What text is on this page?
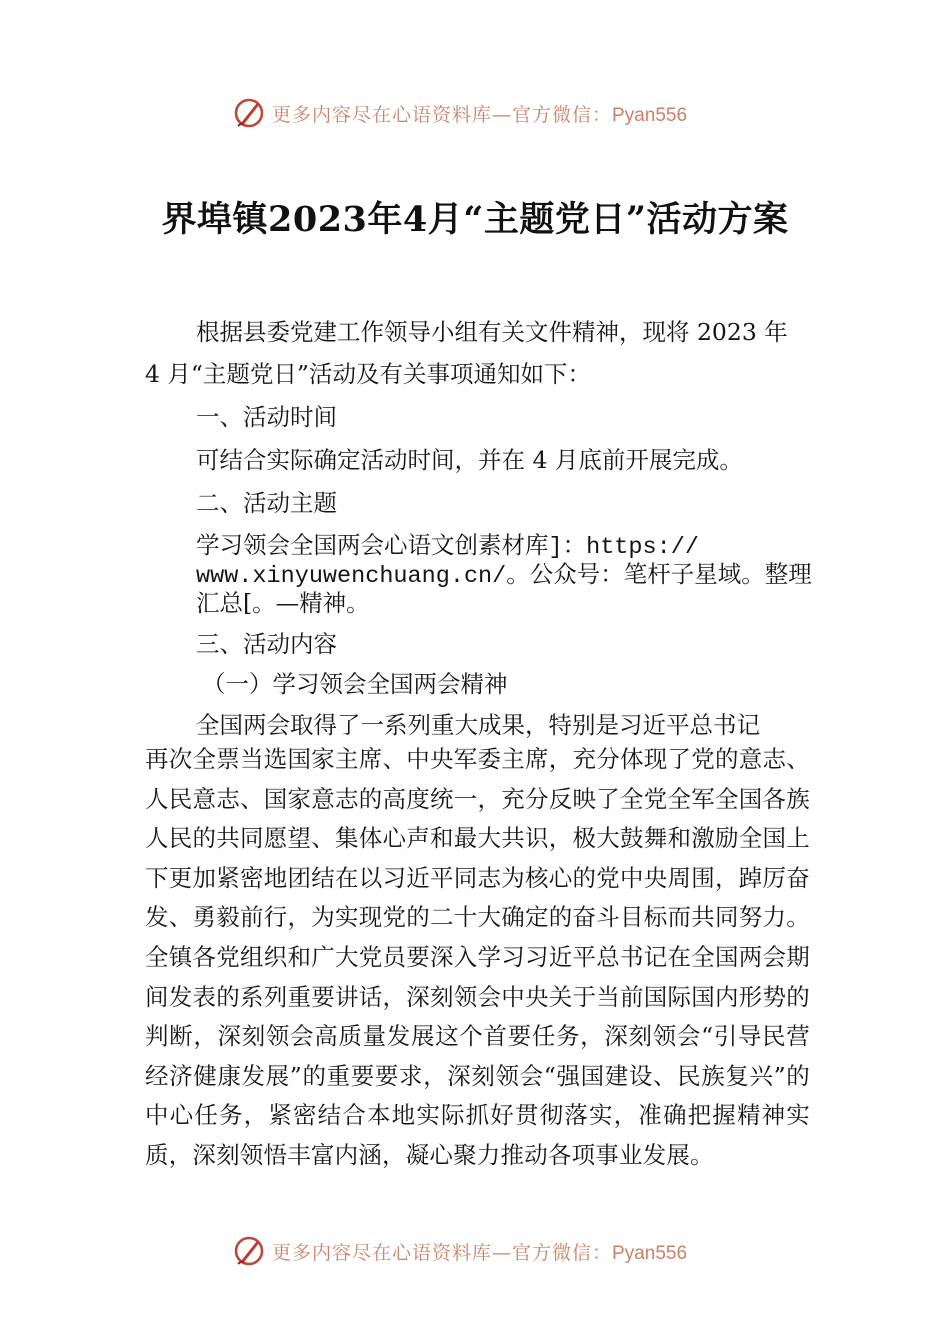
更多内容尽在心语资料库—官方微信：Pyan556
界埠镇2023年4月“主题党日”活动方案
根据县委党建工作领导小组有关文件精神，现将 2023 年
4 月“主题党日”活动及有关事项通知如下：
一、活动时间
可结合实际确定活动时间，并在 4 月底前开展完成。
二、活动主题
学习领会全国两会心语文创素材库]：https://
www.xinyuwenchuang.cn/。公众号：笔杆子星域。整理
汇总[。—精神。
三、活动内容
（一）学习领会全国两会精神
全国两会取得了一系列重大成果，特别是习近平总书记
再次全票当选国家主席、中央军委主席，充分体现了党的意志、人民意志、国家意志的高度统一，充分反映了全党全军全国各族人民的共同愿望、集体心声和最大共识，极大鼓舞和激励全国上下更加紧密地团结在以习近平同志为核心的党中央周围，踔厉奋发、勇毅前行，为实现党的二十大确定的奋斗目标而共同努力。全镇各党组织和广大党员要深入学习习近平总书记在全国两会期间发表的系列重要讲话，深刻领会中央关于当前国际国内形势的判断，深刻领会高质量发展这个首要任务，深刻领会“引导民营经济健康发展”的重要要求，深刻领会“强国建设、民族复兴”的中心任务，紧密结合本地实际抓好贯彻落实，准确把握精神实质，深刻领悟丰富内涵，凝心聚力推动各项事业发展。
更多内容尽在心语资料库—官方微信：Pyan556
